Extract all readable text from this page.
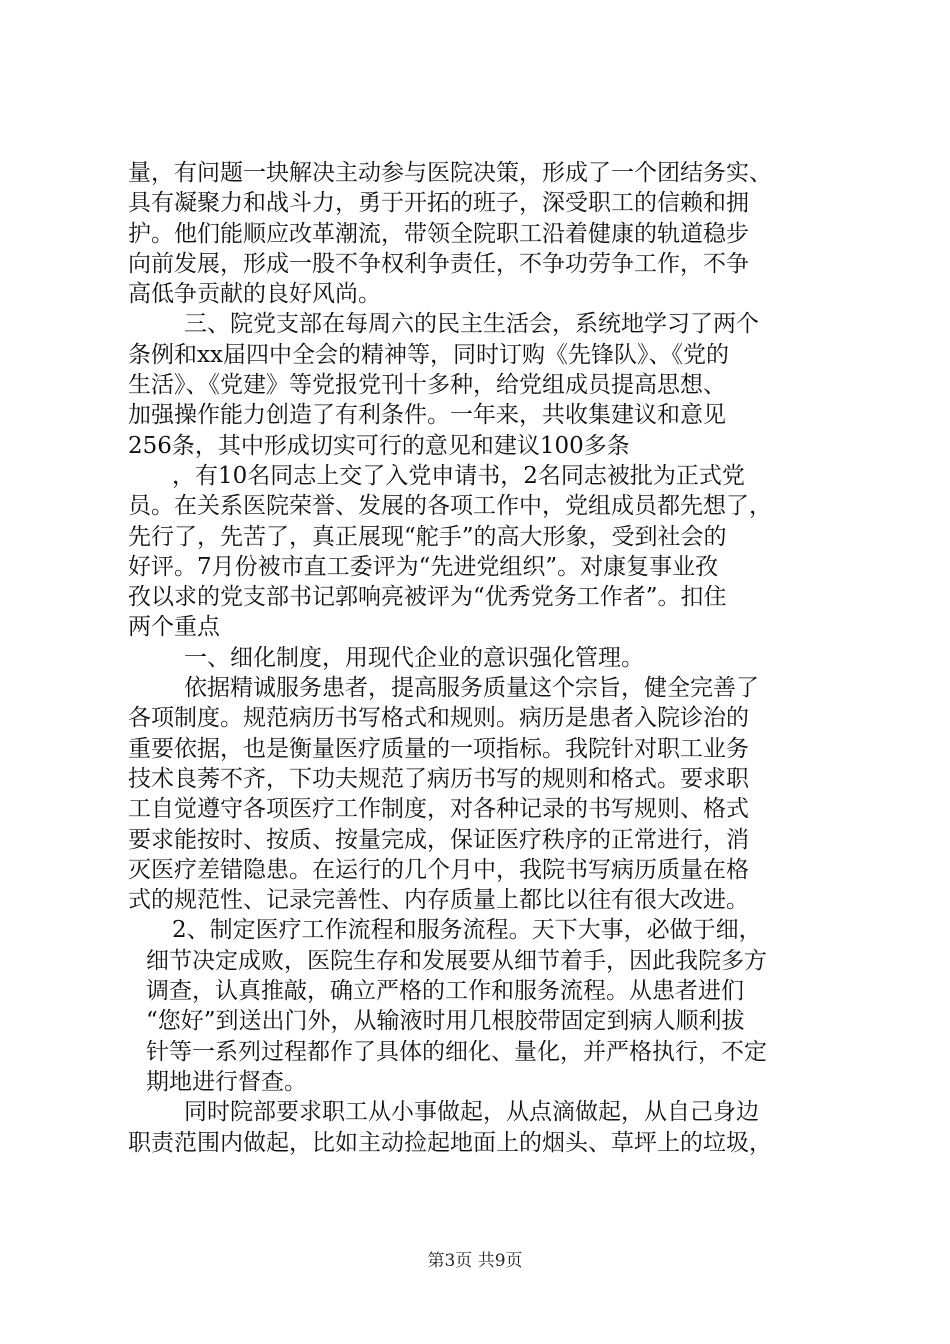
量，有问题一块解决主动参与医院决策，形成了一个团结务实、
具有凝聚力和战斗力，勇于开拓的班子，深受职工的信赖和拥
护。他们能顺应改革潮流，带领全院职工沿着健康的轨道稳步
向前发展，形成一股不争权利争责任，不争功劳争工作，不争
高低争贡献的良好风尚。
三、院党支部在每周六的民主生活会，系统地学习了两个
条例和xx届四中全会的精神等，同时订购《先锋队》、《党的
生活》、《党建》等党报党刊十多种，给党组成员提高思想、
加强操作能力创造了有利条件。一年来，共收集建议和意见
256条，其中形成切实可行的意见和建议100多条
，有10名同志上交了入党申请书，2名同志被批为正式党
员。在关系医院荣誉、发展的各项工作中，党组成员都先想了，
先行了，先苦了，真正展现“舵手”的高大形象，受到社会的
好评。7月份被市直工委评为“先进党组织”。对康复事业孜
孜以求的党支部书记郭响亮被评为“优秀党务工作者”。扣住
两个重点
一、细化制度，用现代企业的意识强化管理。
依据精诚服务患者，提高服务质量这个宗旨，健全完善了
各项制度。规范病历书写格式和规则。病历是患者入院诊治的
重要依据，也是衡量医疗质量的一项指标。我院针对职工业务
技术良莠不齐，下功夫规范了病历书写的规则和格式。要求职
工自觉遵守各项医疗工作制度，对各种记录的书写规则、格式
要求能按时、按质、按量完成，保证医疗秩序的正常进行，消
灭医疗差错隐患。在运行的几个月中，我院书写病历质量在格
式的规范性、记录完善性、内存质量上都比以往有很大改进。
2、制定医疗工作流程和服务流程。天下大事，必做于细，
细节决定成败，医院生存和发展要从细节着手，因此我院多方
调查，认真推敲，确立严格的工作和服务流程。从患者进们
“您好”到送出门外，从输液时用几根胶带固定到病人顺利拔
针等一系列过程都作了具体的细化、量化，并严格执行，不定
期地进行督查。
同时院部要求职工从小事做起，从点滴做起，从自己身边
职责范围内做起，比如主动捡起地面上的烟头、草坪上的垃圾，
第3页 共9页
